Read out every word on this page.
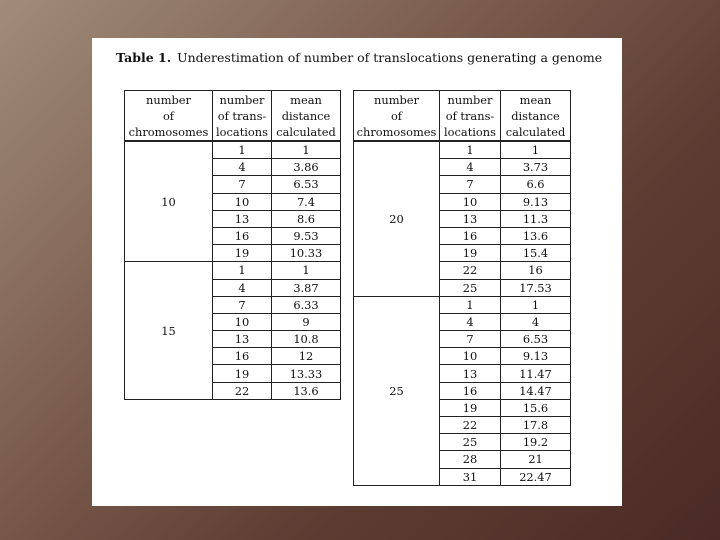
Table 1. Underestimation of number of translocations generating a genome
number
of
chromosomes	number
of trans-
locations	mean
distance
calculated

10	1	1
	4	3.86
	7	6.53
	10	7.4
	13	8.6
	16	9.53
	19	10.33
15	1	1
	4	3.87
	7	6.33
	10	9
	13	10.8
	16	12
	19	13.33
	22	13.6
number
of
chromosomes	number
of trans-
locations	mean
distance
calculated

20	1	1
	4	3.73
	7	6.6
	10	9.13
	13	11.3
	16	13.6
	19	15.4
	22	16
	25	17.53
25	1	1
	4	4
	7	6.53
	10	9.13
	13	11.47
	16	14.47
	19	15.6
	22	17.8
	25	19.2
	28	21
	31	22.47
